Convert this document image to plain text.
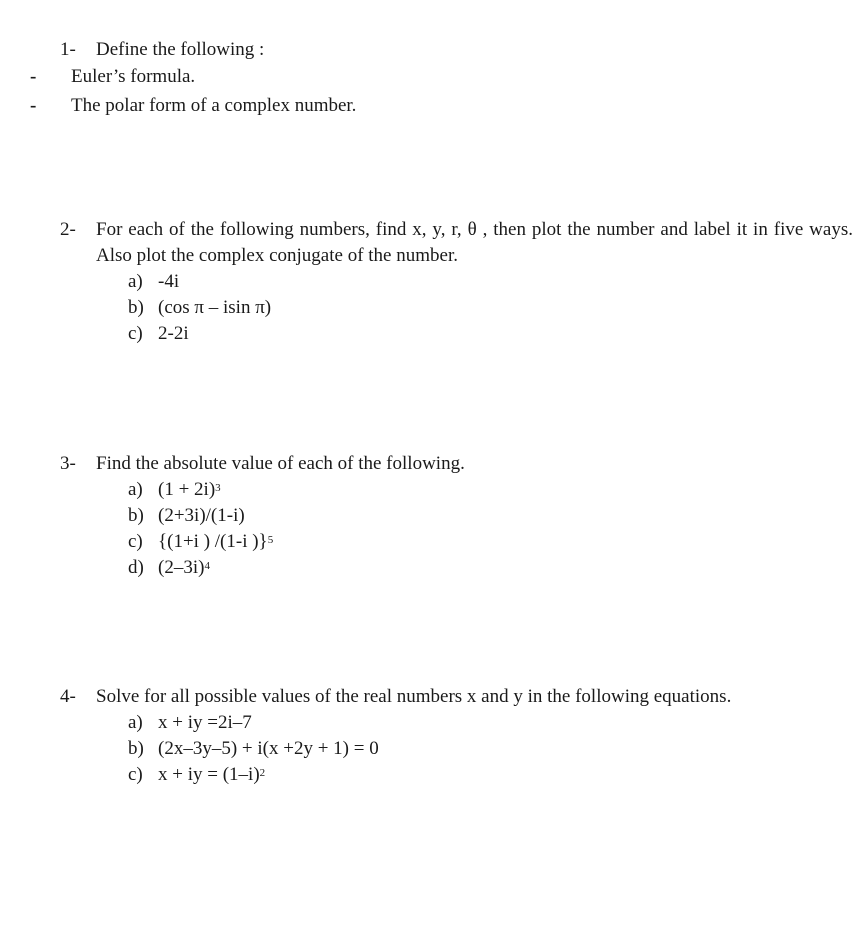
1-	Define the following :
-	Euler’s formula.
-	The polar form of a complex number.
2-	For each of the following numbers, find x, y, r, θ , then plot the number and label it in five ways. Also plot the complex conjugate of the number.
a) -4i
b) (cos π – isin π)
c) 2-2i
3-	Find the absolute value of each of the following.
a) $(1 + 2i)^3$
b) (2+3i)/(1-i)
c) {(1+i ) /(1-i )}$^5$
d) $(2-3i)^4$
4-	Solve for all possible values of the real numbers x and y in the following equations.
a) x + iy =2i–7
b) (2x–3y–5) + i(x +2y + 1) = 0
c) x + iy = $(1-i)^2$
